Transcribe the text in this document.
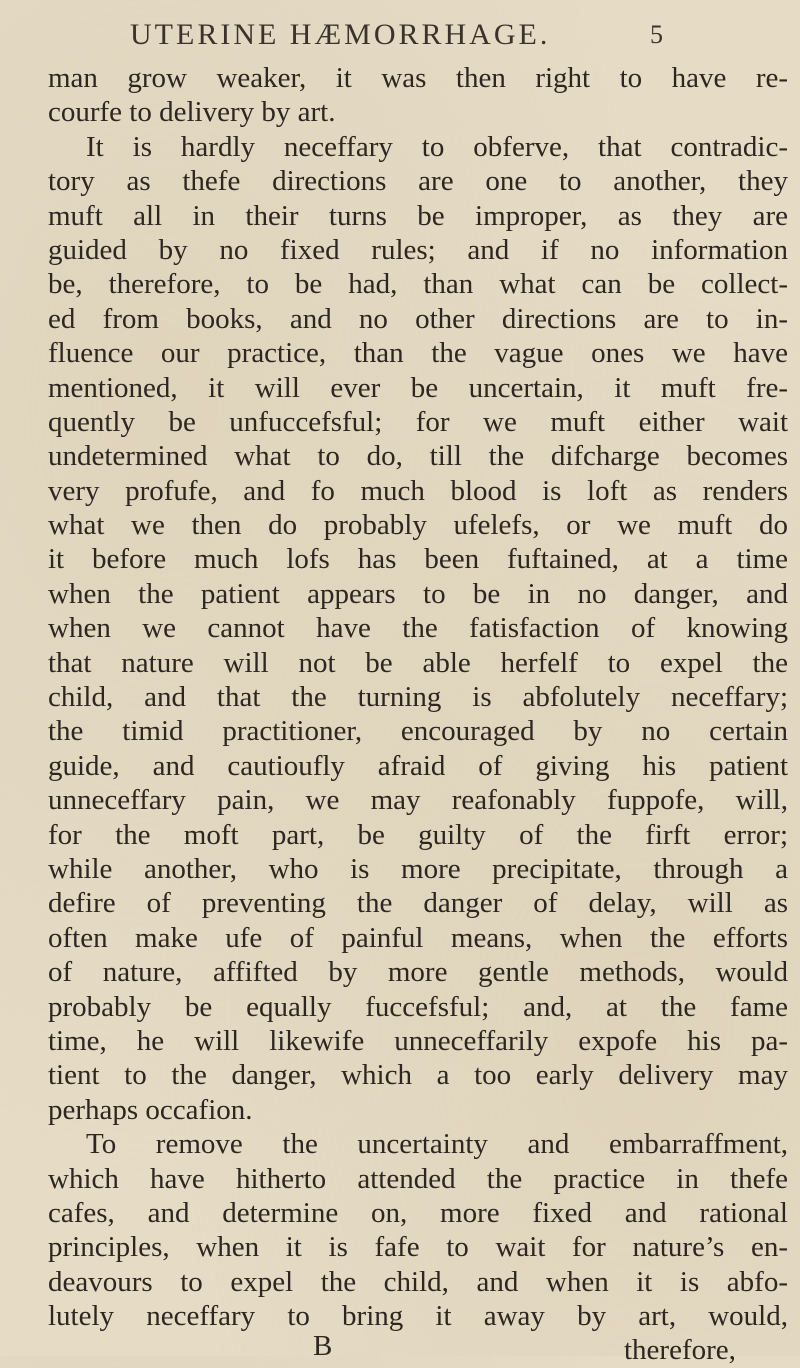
UTERINE HÆMORRHAGE.	5
man grow weaker, it was then right to have re-
courfe to delivery by art.
It is hardly neceffary to obferve, that contradic-
tory as thefe directions are one to another, they
muft all in their turns be improper, as they are
guided by no fixed rules; and if no information
be, therefore, to be had, than what can be collect-
ed from books, and no other directions are to in-
fluence our practice, than the vague ones we have
mentioned, it will ever be uncertain, it muft fre-
quently be unfuccefsful; for we muft either wait
undetermined what to do, till the difcharge becomes
very profufe, and fo much blood is loft as renders
what we then do probably ufelefs, or we muft do
it before much lofs has been fuftained, at a time
when the patient appears to be in no danger, and
when we cannot have the fatisfaction of knowing
that nature will not be able herfelf to expel the
child, and that the turning is abfolutely neceffary;
the timid practitioner, encouraged by no certain
guide, and cautioufly afraid of giving his patient
unneceffary pain, we may reafonably fuppofe, will,
for the moft part, be guilty of the firft error;
while another, who is more precipitate, through a
defire of preventing the danger of delay, will as
often make ufe of painful means, when the efforts
of nature, affifted by more gentle methods, would
probably be equally fuccefsful; and, at the fame
time, he will likewife unneceffarily expofe his pa-
tient to the danger, which a too early delivery may
perhaps occafion.
To remove the uncertainty and embarraffment,
which have hitherto attended the practice in thefe
cafes, and determine on, more fixed and rational
principles, when it is fafe to wait for nature’s en-
deavours to expel the child, and when it is abfo-
lutely neceffary to bring it away by art, would,
B	therefore,
